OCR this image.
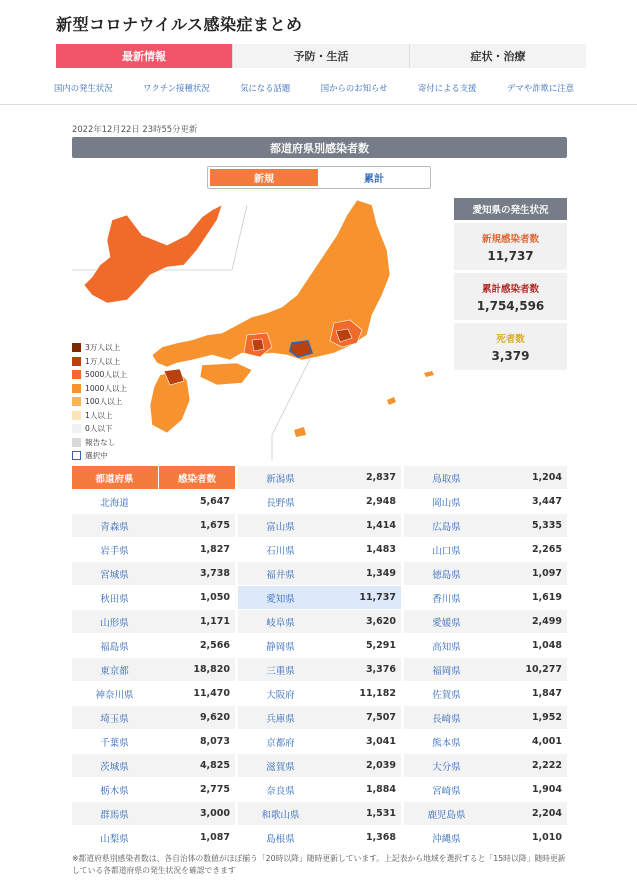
新型コロナウイルス感染症まとめ
最新情報	予防・生活	症状・治療
国内の発生状況	ワクチン接種状況	気になる話題	国からのお知らせ	寄付による支援	デマや詐欺に注意
2022年12月22日 23時55分更新
都道府県別感染者数
新規	累計
3万人以上
1万人以上
5000人以上
1000人以上
100人以上
1人以上
0人以下
報告なし
選択中
愛知県の発生状況
新規感染者数
11,737
累計感染者数
1,754,596
死者数
3,379
都道府県	感染者数
北海道	5,647
青森県	1,675
岩手県	1,827
宮城県	3,738
秋田県	1,050
山形県	1,171
福島県	2,566
東京都	18,820
神奈川県	11,470
埼玉県	9,620
千葉県	8,073
茨城県	4,825
栃木県	2,775
群馬県	3,000
山梨県	1,087
新潟県	2,837
長野県	2,948
富山県	1,414
石川県	1,483
福井県	1,349
愛知県	11,737
岐阜県	3,620
静岡県	5,291
三重県	3,376
大阪府	11,182
兵庫県	7,507
京都府	3,041
滋賀県	2,039
奈良県	1,884
和歌山県	1,531
島根県	1,368
鳥取県	1,204
岡山県	3,447
広島県	5,335
山口県	2,265
徳島県	1,097
香川県	1,619
愛媛県	2,499
高知県	1,048
福岡県	10,277
佐賀県	1,847
長崎県	1,952
熊本県	4,001
大分県	2,222
宮崎県	1,904
鹿児島県	2,204
沖縄県	1,010
※都道府県別感染者数は、各自治体の数値がほぼ揃う「20時以降」随時更新しています。上記表から地域を選択すると「15時以降」随時更新している各都道府県の発生状況を確認できます
